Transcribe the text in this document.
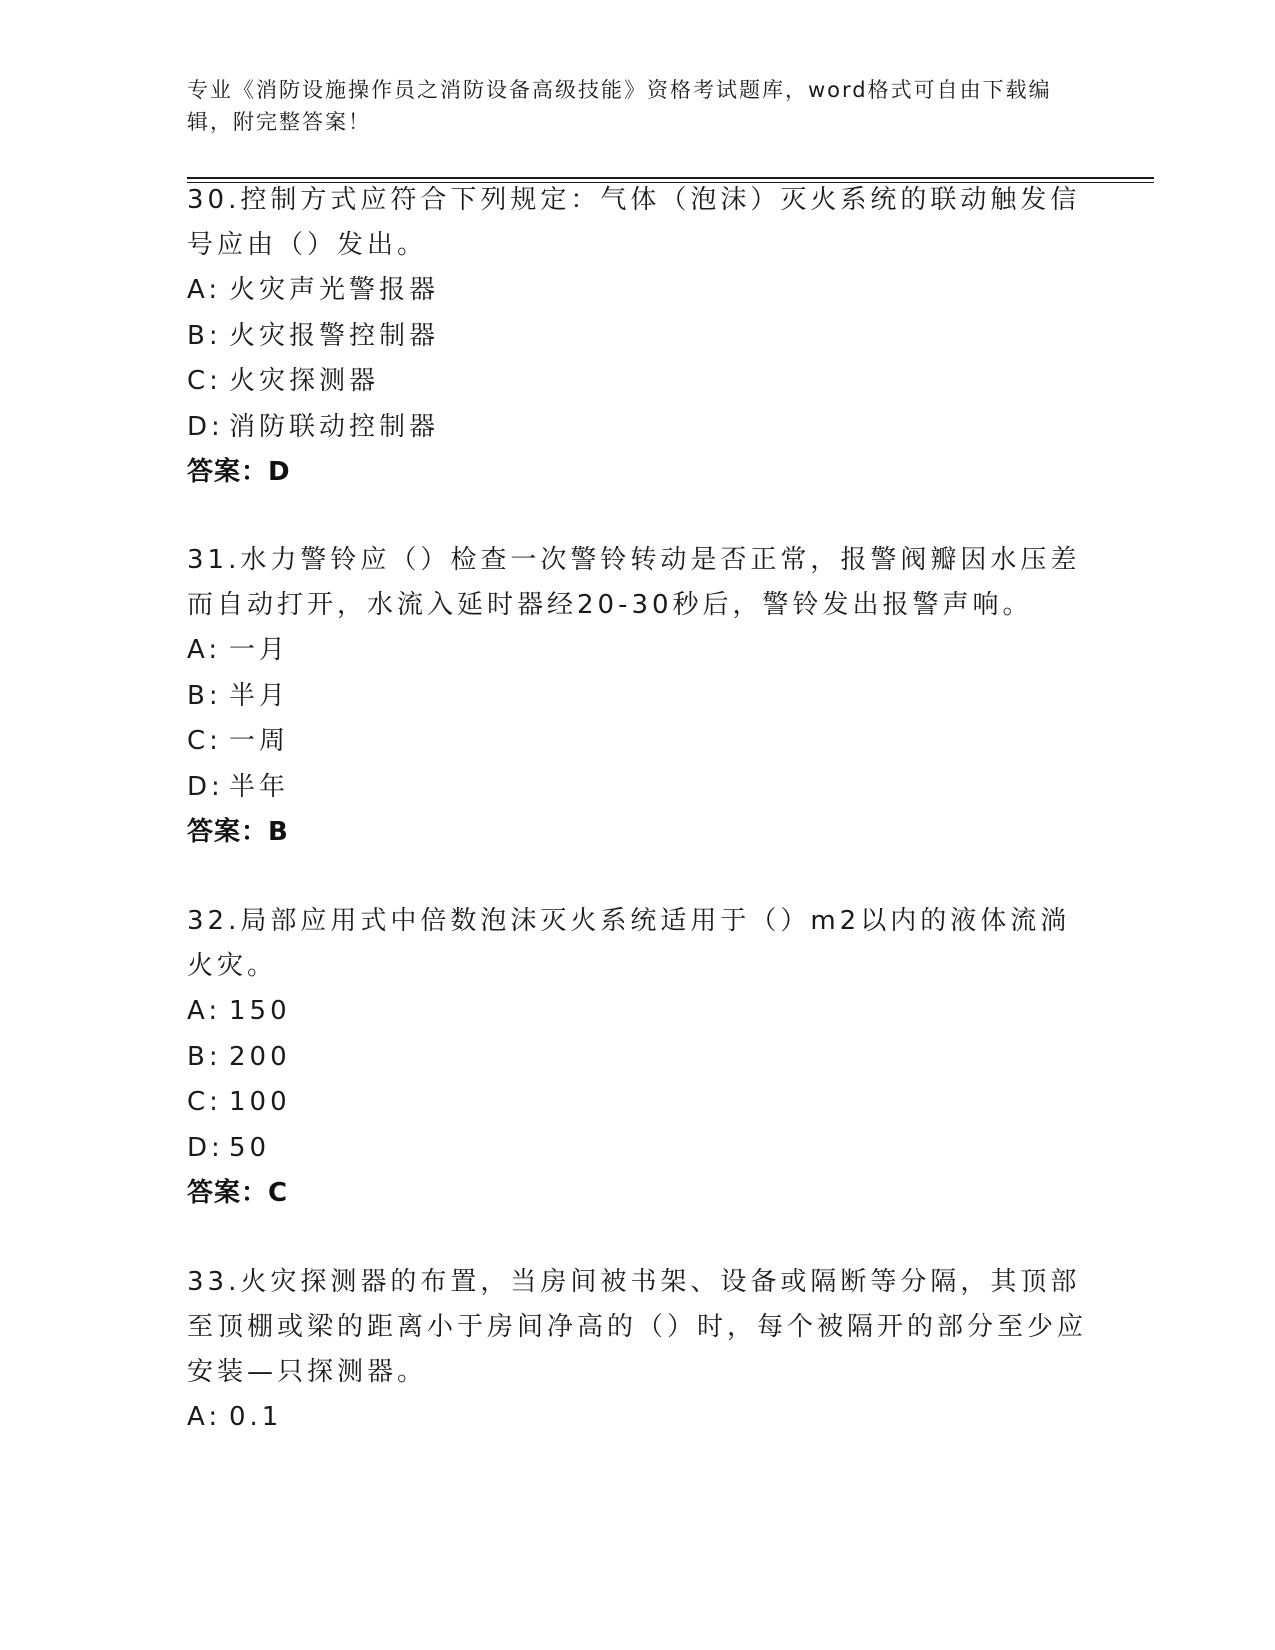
专业《消防设施操作员之消防设备高级技能》资格考试题库，word格式可自由下载编辑，附完整答案！

30.控制方式应符合下列规定：气体（泡沫）灭火系统的联动触发信号应由（）发出。

A: 火灾声光警报器

B: 火灾报警控制器

C: 火灾探测器

D: 消防联动控制器

答案：D

31.水力警铃应（）检查一次警铃转动是否正常，报警阀瓣因水压差而自动打开，水流入延时器经20-30秒后，警铃发出报警声响。

A: 一月

B: 半月

C: 一周

D: 半年

答案：B

32.局部应用式中倍数泡沫灭火系统适用于（）m2以内的液体流淌火灾。

A: 150

B: 200

C: 100

D: 50

答案：C

33.火灾探测器的布置，当房间被书架、设备或隔断等分隔，其顶部至顶棚或梁的距离小于房间净高的（）时，每个被隔开的部分至少应安装—只探测器。

A: 0.1
